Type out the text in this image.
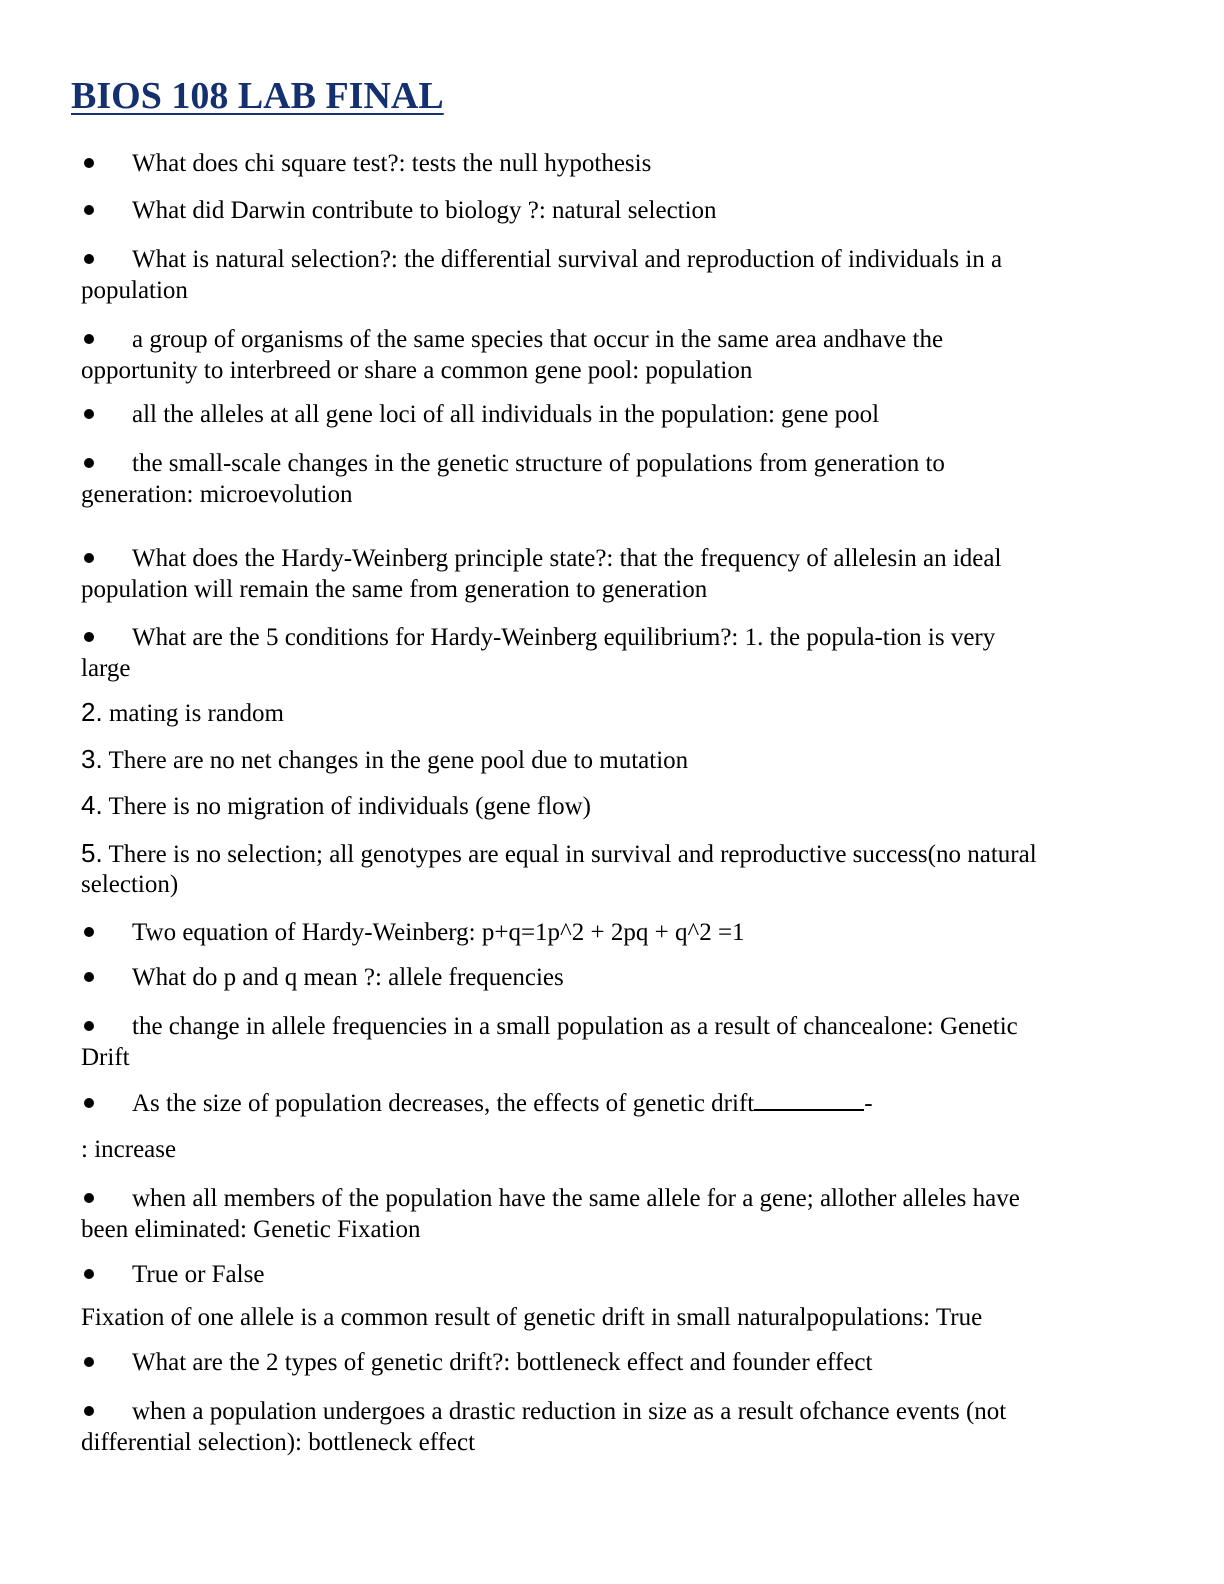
BIOS 108 LAB FINAL
What does chi square test?: tests the null hypothesis
What did Darwin contribute to biology ?: natural selection
What is natural selection?: the differential survival and reproduction of individuals in a
population
a group of organisms of the same species that occur in the same area andhave the
opportunity to interbreed or share a common gene pool: population
all the alleles at all gene loci of all individuals in the population: gene pool
the small-scale changes in the genetic structure of populations from generation to
generation: microevolution
What does the Hardy-Weinberg principle state?: that the frequency of allelesin an ideal
population will remain the same from generation to generation
What are the 5 conditions for Hardy-Weinberg equilibrium?: 1. the popula-tion is very
large
2. mating is random
3. There are no net changes in the gene pool due to mutation
4. There is no migration of individuals (gene flow)
5. There is no selection; all genotypes are equal in survival and reproductive success(no natural
selection)
Two equation of Hardy-Weinberg: p+q=1p^2 + 2pq + q^2 =1
What do p and q mean ?: allele frequencies
the change in allele frequencies in a small population as a result of chancealone: Genetic
Drift
As the size of population decreases, the effects of genetic drift	-
: increase
when all members of the population have the same allele for a gene; allother alleles have
been eliminated: Genetic Fixation
True or False
Fixation of one allele is a common result of genetic drift in small naturalpopulations: True
What are the 2 types of genetic drift?: bottleneck effect and founder effect
when a population undergoes a drastic reduction in size as a result ofchance events (not
differential selection): bottleneck effect
